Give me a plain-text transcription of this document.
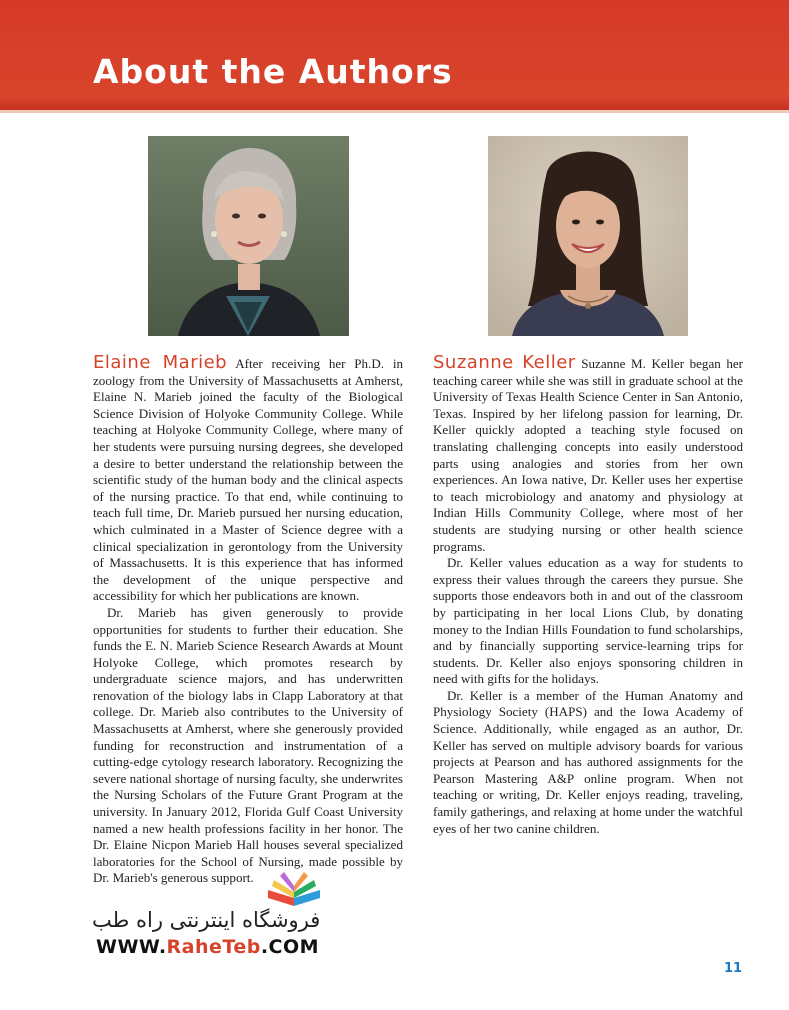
About the Authors

Elaine Marieb After receiving her Ph.D. in zoology from the University of Massachusetts at Amherst, Elaine N. Marieb joined the faculty of the Biological Science Division of Holyoke Community College. While teaching at Holyoke Community College, where many of her students were pursuing nursing degrees, she developed a desire to better understand the relationship between the scientific study of the human body and the clinical aspects of the nursing practice. To that end, while continuing to teach full time, Dr. Marieb pursued her nursing education, which culminated in a Master of Science degree with a clinical specialization in gerontology from the University of Massachusetts. It is this experience that has informed the development of the unique perspective and accessibility for which her publications are known.

Dr. Marieb has given generously to provide opportunities for students to further their education. She funds the E. N. Marieb Science Research Awards at Mount Holyoke College, which promotes research by undergraduate science majors, and has underwritten renovation of the biology labs in Clapp Laboratory at that college. Dr. Marieb also contributes to the University of Massachusetts at Amherst, where she generously provided funding for reconstruction and instrumentation of a cutting-edge cytology research laboratory. Recognizing the severe national shortage of nursing faculty, she underwrites the Nursing Scholars of the Future Grant Program at the university. In January 2012, Florida Gulf Coast University named a new health professions facility in her honor. The Dr. Elaine Nicpon Marieb Hall houses several specialized laboratories for the School of Nursing, made possible by Dr. Marieb's generous support.

Suzanne Keller Suzanne M. Keller began her teaching career while she was still in graduate school at the University of Texas Health Science Center in San Antonio, Texas. Inspired by her lifelong passion for learning, Dr. Keller quickly adopted a teaching style focused on translating challenging concepts into easily understood parts using analogies and stories from her own experiences. An Iowa native, Dr. Keller uses her expertise to teach microbiology and anatomy and physiology at Indian Hills Community College, where most of her students are studying nursing or other health science programs.

Dr. Keller values education as a way for students to express their values through the careers they pursue. She supports those endeavors both in and out of the classroom by participating in her local Lions Club, by donating money to the Indian Hills Foundation to fund scholarships, and by financially supporting service-learning trips for students. Dr. Keller also enjoys sponsoring children in need with gifts for the holidays.

Dr. Keller is a member of the Human Anatomy and Physiology Society (HAPS) and the Iowa Academy of Science. Additionally, while engaged as an author, Dr. Keller has served on multiple advisory boards for various projects at Pearson and has authored assignments for the Pearson Mastering A&P online program. When not teaching or writing, Dr. Keller enjoys reading, traveling, family gatherings, and relaxing at home under the watchful eyes of her two canine children.

فروشگاه اینترنتی راه طب
WWW.RaheTeb.COM
11
